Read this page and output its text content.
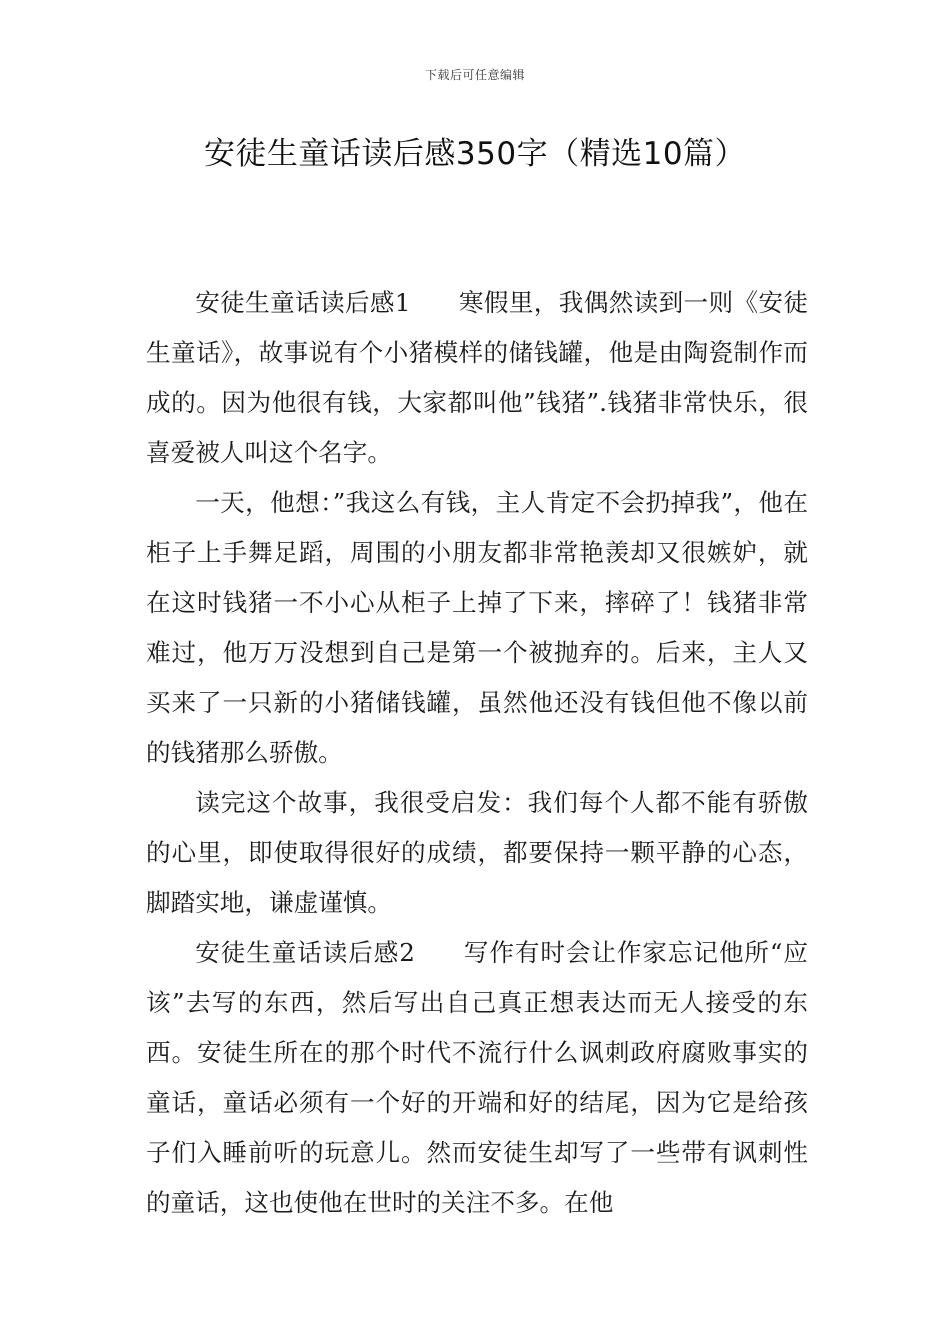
下载后可任意编辑
安徒生童话读后感350字（精选10篇）

安徒生童话读后感1 寒假里，我偶然读到一则《安徒生童话》，故事说有个小猪模样的储钱罐，他是由陶瓷制作而成的。因为他很有钱，大家都叫他”钱猪”.钱猪非常快乐，很喜爱被人叫这个名字。

一天，他想：”我这么有钱，主人肯定不会扔掉我”，他在柜子上手舞足蹈，周围的小朋友都非常艳羡却又很嫉妒，就在这时钱猪一不小心从柜子上掉了下来，摔碎了！钱猪非常难过，他万万没想到自己是第一个被抛弃的。后来，主人又买来了一只新的小猪储钱罐，虽然他还没有钱但他不像以前的钱猪那么骄傲。

读完这个故事，我很受启发：我们每个人都不能有骄傲的心里，即使取得很好的成绩，都要保持一颗平静的心态，脚踏实地，谦虚谨慎。

安徒生童话读后感2 写作有时会让作家忘记他所“应该”去写的东西，然后写出自己真正想表达而无人接受的东西。安徒生所在的那个时代不流行什么讽刺政府腐败事实的童话，童话必须有一个好的开端和好的结尾，因为它是给孩子们入睡前听的玩意儿。然而安徒生却写了一些带有讽刺性的童话，这也使他在世时的关注不多。在他
